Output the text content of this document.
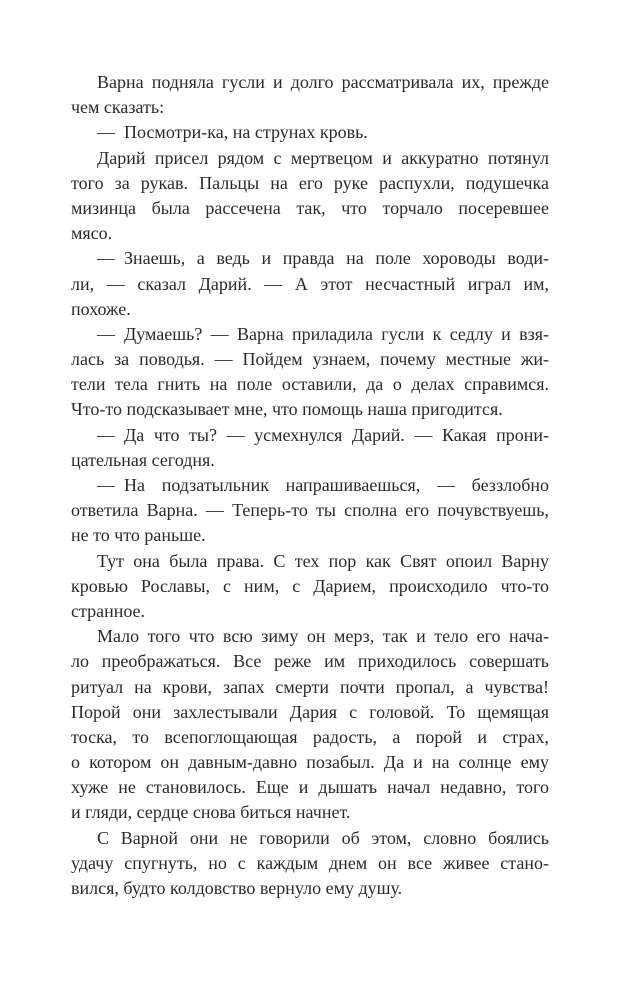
Варна подняла гусли и долго рассматривала их, прежде
чем сказать:
— Посмотри-ка, на струнах кровь.
Дарий присел рядом с мертвецом и аккуратно потянул
того за рукав. Пальцы на его руке распухли, подушечка
мизинца была рассечена так, что торчало посеревшее
мясо.
— Знаешь, а ведь и правда на поле хороводы води-
ли, — сказал Дарий. — А этот несчастный играл им,
похоже.
— Думаешь? — Варна приладила гусли к седлу и взя-
лась за поводья. — Пойдем узнаем, почему местные жи-
тели тела гнить на поле оставили, да о делах справимся.
Что-то подсказывает мне, что помощь наша пригодится.
— Да что ты? — усмехнулся Дарий. — Какая прони-
цательная сегодня.
— На подзатыльник напрашиваешься, — беззлобно
ответила Варна. — Теперь-то ты сполна его почувствуешь,
не то что раньше.
Тут она была права. С тех пор как Свят опоил Варну
кровью Рославы, с ним, с Дарием, происходило что-то
странное.
Мало того что всю зиму он мерз, так и тело его нача-
ло преображаться. Все реже им приходилось совершать
ритуал на крови, запах смерти почти пропал, а чувства!
Порой они захлестывали Дария с головой. То щемящая
тоска, то всепоглощающая радость, а порой и страх,
о котором он давным-давно позабыл. Да и на солнце ему
хуже не становилось. Еще и дышать начал недавно, того
и гляди, сердце снова биться начнет.
С Варной они не говорили об этом, словно боялись
удачу спугнуть, но с каждым днем он все живее стано-
вился, будто колдовство вернуло ему душу.
